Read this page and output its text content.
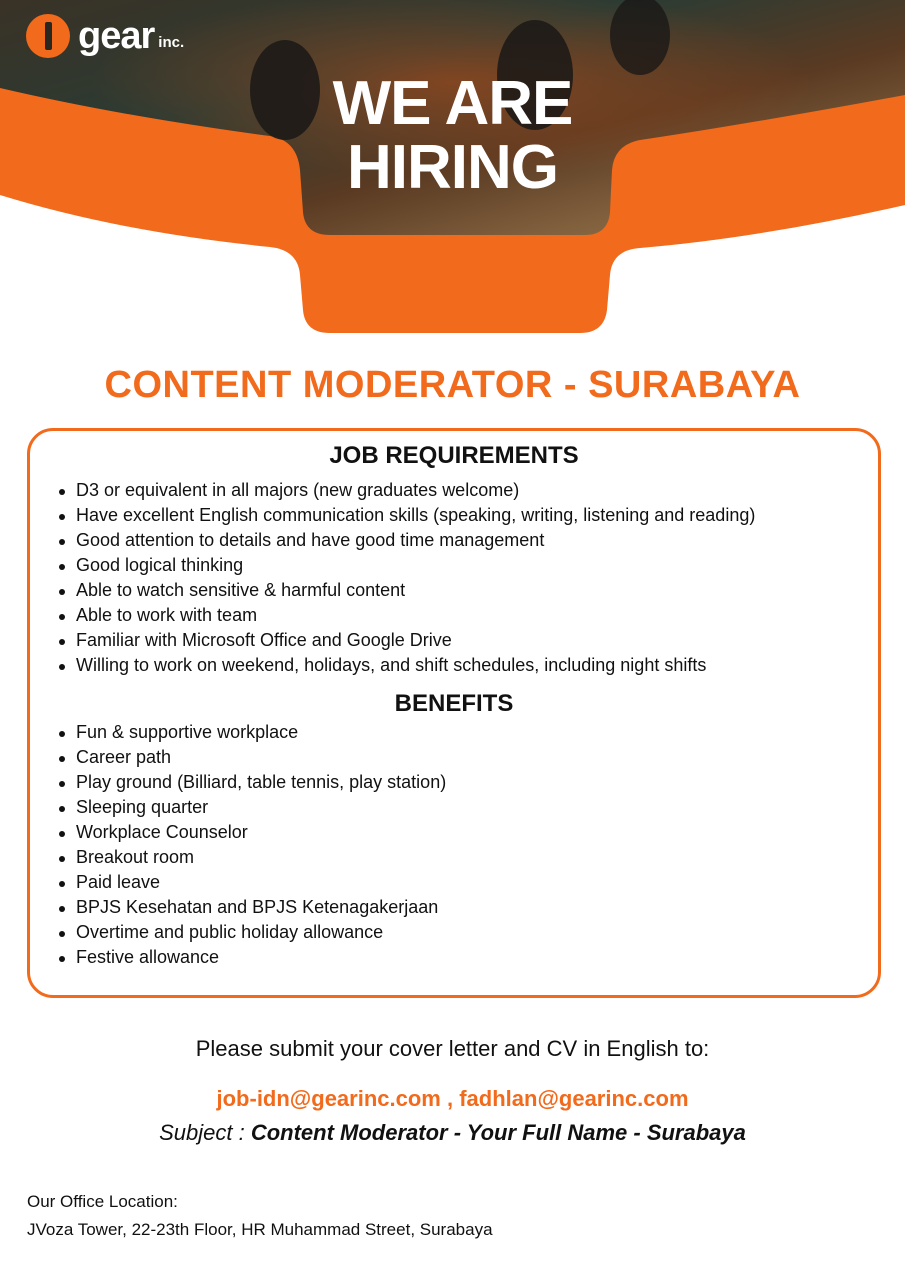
gear inc.
WE ARE
HIRING
CONTENT MODERATOR - SURABAYA
JOB REQUIREMENTS
D3 or equivalent in all majors (new graduates welcome)
Have excellent English communication skills (speaking, writing, listening and reading)
Good attention to details and have good time management
Good logical thinking
Able to watch sensitive & harmful content
Able to work with team
Familiar with Microsoft Office and Google Drive
Willing to work on weekend, holidays, and shift schedules, including night shifts
BENEFITS
Fun & supportive workplace
Career path
Play ground (Billiard, table tennis, play station)
Sleeping quarter
Workplace Counselor
Breakout room
Paid leave
BPJS Kesehatan and BPJS Ketenagakerjaan
Overtime and public holiday allowance
Festive allowance
Please submit your cover letter and CV in English to:
job-idn@gearinc.com , fadhlan@gearinc.com
Subject : Content Moderator - Your Full Name - Surabaya
Our Office Location:
JVoza Tower, 22-23th Floor, HR Muhammad Street, Surabaya
